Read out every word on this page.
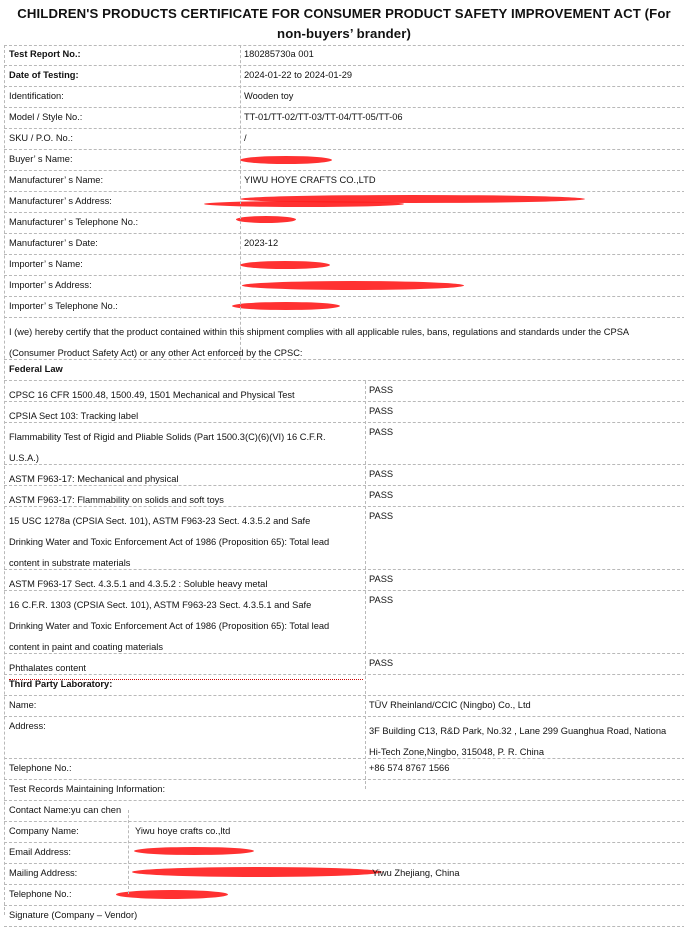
CHILDREN'S PRODUCTS CERTIFICATE FOR CONSUMER PRODUCT SAFETY IMPROVEMENT ACT (For
non-buyers’ brander)
Test Report No.:	180285730a 001
Date of Testing:	2024-01-22 to 2024-01-29
Identification:	Wooden toy
Model / Style No.:	TT-01/TT-02/TT-03/TT-04/TT-05/TT-06
SKU / P.O. No.:	/
Buyer’ s Name:
Manufacturer’ s Name:	YIWU HOYE CRAFTS CO.,LTD
Manufacturer’ s Address:
Manufacturer’ s Telephone No.:
Manufacturer’ s Date:	2023-12
Importer’ s Name:
Importer’ s Address:
Importer’ s Telephone No.:
I (we) hereby certify that the product contained within this shipment complies with all applicable rules, bans, regulations and standards under the CPSA
(Consumer Product Safety Act) or any other Act enforced by the CPSC:
Federal Law
CPSC 16 CFR 1500.48, 1500.49, 1501 Mechanical and Physical Test	PASS
CPSIA Sect 103: Tracking label	PASS
Flammability Test of Rigid and Pliable Solids (Part 1500.3(C)(6)(VI) 16 C.F.R.
U.S.A.)
PASS
ASTM F963-17: Mechanical and physical	PASS
ASTM F963-17: Flammability on solids and soft toys	PASS
15 USC 1278a (CPSIA Sect. 101), ASTM F963-23 Sect. 4.3.5.2 and Safe
Drinking Water and Toxic Enforcement Act of 1986 (Proposition 65): Total lead
content in substrate materials
PASS
ASTM F963-17 Sect. 4.3.5.1 and 4.3.5.2 : Soluble heavy metal	PASS
16 C.F.R. 1303 (CPSIA Sect. 101), ASTM F963-23 Sect. 4.3.5.1 and Safe
Drinking Water and Toxic Enforcement Act of 1986 (Proposition 65): Total lead
content in paint and coating materials
PASS
Phthalates content	PASS
Third Party Laboratory:
Name:	TÜV Rheinland/CCIC (Ningbo) Co., Ltd
Address:	3F Building C13, R&D Park, No.32 , Lane 299 Guanghua Road, Nationa
Hi-Tech Zone,Ningbo, 315048, P. R. China
Telephone No.:	+86 574 8767 1566
Test Records Maintaining Information:
Contact Name:yu can chen
Company Name:	Yiwu hoye crafts co.,ltd
Email Address:
Mailing Address:	Yiwu Zhejiang, China
Telephone No.:
Signature (Company – Vendor)
